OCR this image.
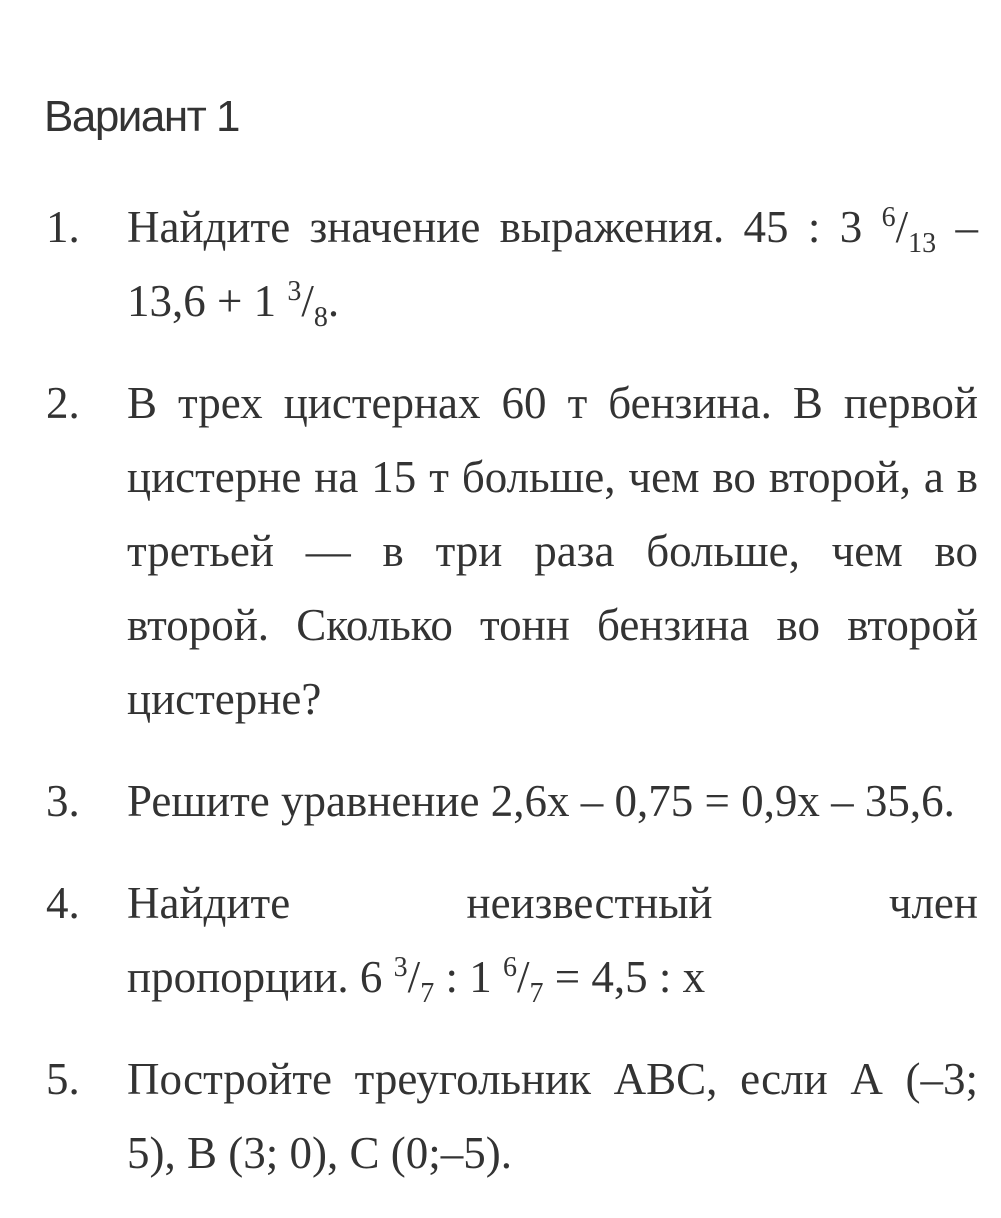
Вариант 1
1.	Найдите значение выражения. 45 : 3 $^6/_{13} - 13,6 + 1$ $^3/_8$.
2.	В трех цистернах 60 т бензина. В первой цистерне на 15 т больше, чем во второй, а в третьей — в три раза больше, чем во второй. Сколько тонн бензина во второй цистерне?
3.	Решите уравнение 2,6х – 0,75 = 0,9х – 35,6.
4.	Найдите	неизвестный	член
пропорции. 6 $^3/_7$ : 1 $^6/_7 = 4,5$ : х
5.	Постройте треугольник АВС, если А (–3; 5), В (3; 0), С (0;–5).
